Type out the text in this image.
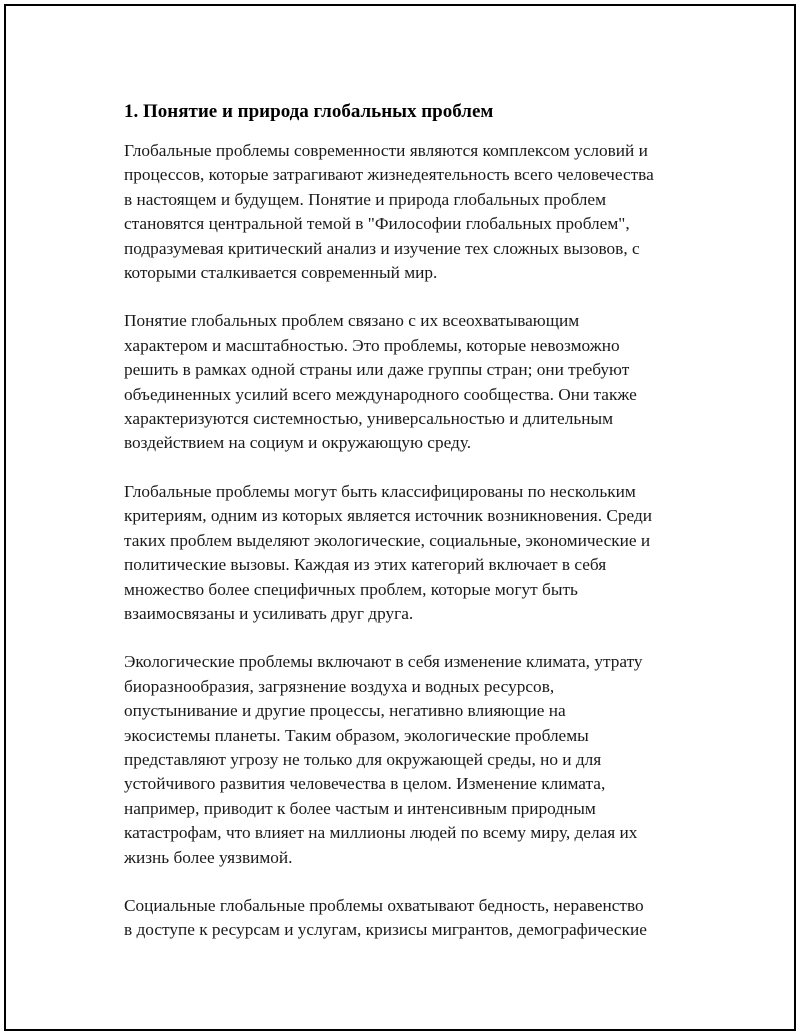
1. Понятие и природа глобальных проблем

Глобальные проблемы современности являются комплексом условий и
процессов, которые затрагивают жизнедеятельность всего человечества
в настоящем и будущем. Понятие и природа глобальных проблем
становятся центральной темой в "Философии глобальных проблем",
подразумевая критический анализ и изучение тех сложных вызовов, с
которыми сталкивается современный мир.

Понятие глобальных проблем связано с их всеохватывающим
характером и масштабностью. Это проблемы, которые невозможно
решить в рамках одной страны или даже группы стран; они требуют
объединенных усилий всего международного сообщества. Они также
характеризуются системностью, универсальностью и длительным
воздействием на социум и окружающую среду.

Глобальные проблемы могут быть классифицированы по нескольким
критериям, одним из которых является источник возникновения. Среди
таких проблем выделяют экологические, социальные, экономические и
политические вызовы. Каждая из этих категорий включает в себя
множество более специфичных проблем, которые могут быть
взаимосвязаны и усиливать друг друга.

Экологические проблемы включают в себя изменение климата, утрату
биоразнообразия, загрязнение воздуха и водных ресурсов,
опустынивание и другие процессы, негативно влияющие на
экосистемы планеты. Таким образом, экологические проблемы
представляют угрозу не только для окружающей среды, но и для
устойчивого развития человечества в целом. Изменение климата,
например, приводит к более частым и интенсивным природным
катастрофам, что влияет на миллионы людей по всему миру, делая их
жизнь более уязвимой.

Социальные глобальные проблемы охватывают бедность, неравенство
в доступе к ресурсам и услугам, кризисы мигрантов, демографические
